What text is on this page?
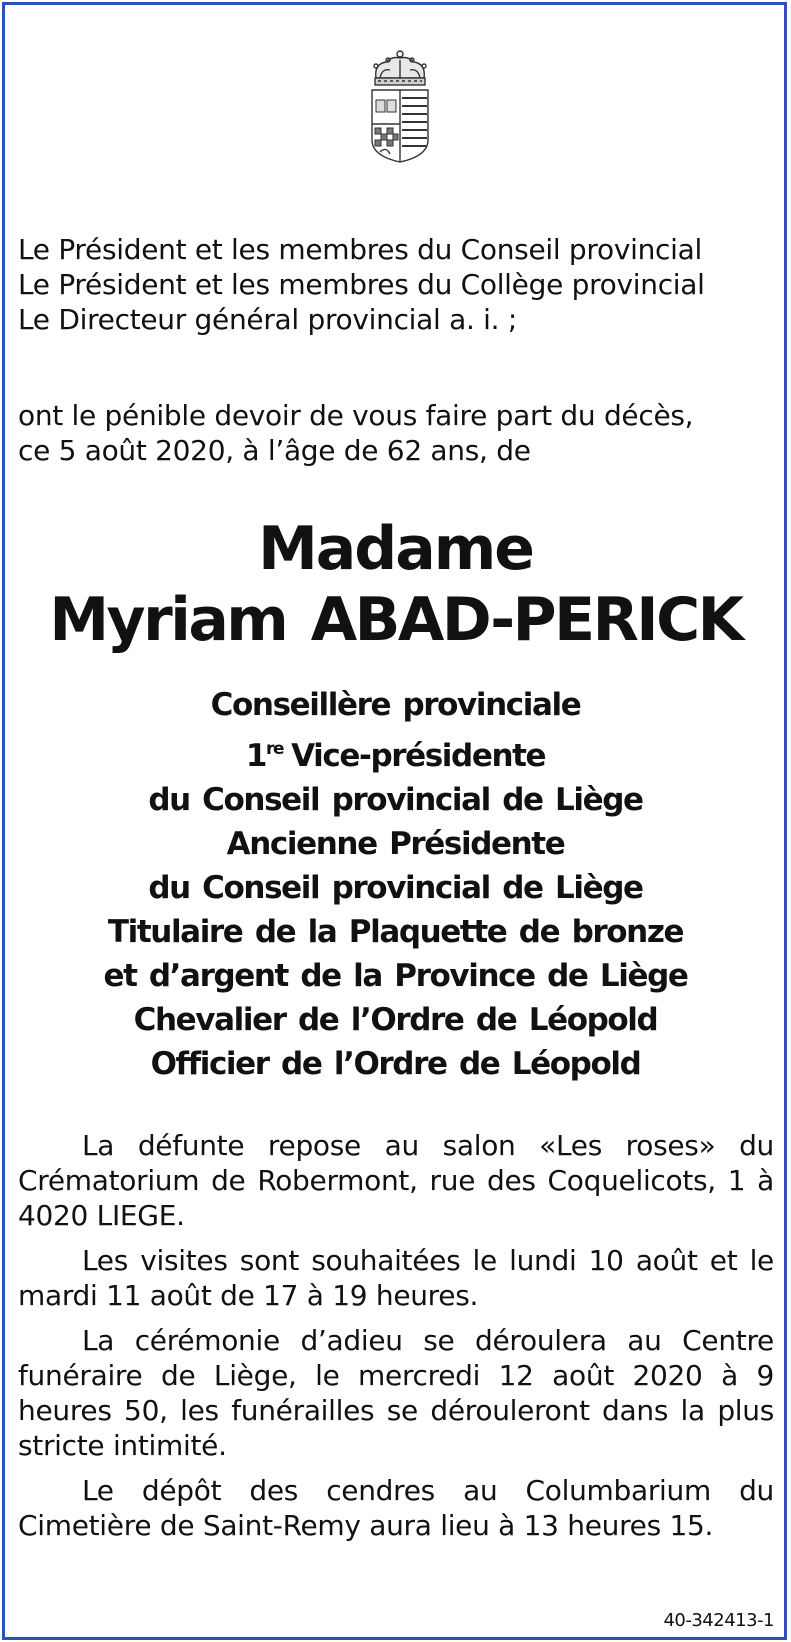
Le Président et les membres du Conseil provincial
Le Président et les membres du Collège provincial
Le Directeur général provincial a. i. ;
ont le pénible devoir de vous faire part du décès,
ce 5 août 2020, à l’âge de 62 ans, de
Madame
Myriam ABAD-PERICK
Conseillère provinciale
1re Vice-présidente
du Conseil provincial de Liège
Ancienne Présidente
du Conseil provincial de Liège
Titulaire de la Plaquette de bronze
et d’argent de la Province de Liège
Chevalier de l’Ordre de Léopold
Officier de l’Ordre de Léopold

La défunte repose au salon «Les roses» du Crématorium de Robermont, rue des Coquelicots, 1 à 4020 LIEGE.

Les visites sont souhaitées le lundi 10 août et le mardi 11 août de 17 à 19 heures.

La cérémonie d’adieu se déroulera au Centre funéraire de Liège, le mercredi 12 août 2020 à 9 heures 50, les funérailles se dérouleront dans la plus stricte intimité.

Le dépôt des cendres au Columbarium du Cimetière de Saint-Remy aura lieu à 13 heures 15.

40-342413-1
